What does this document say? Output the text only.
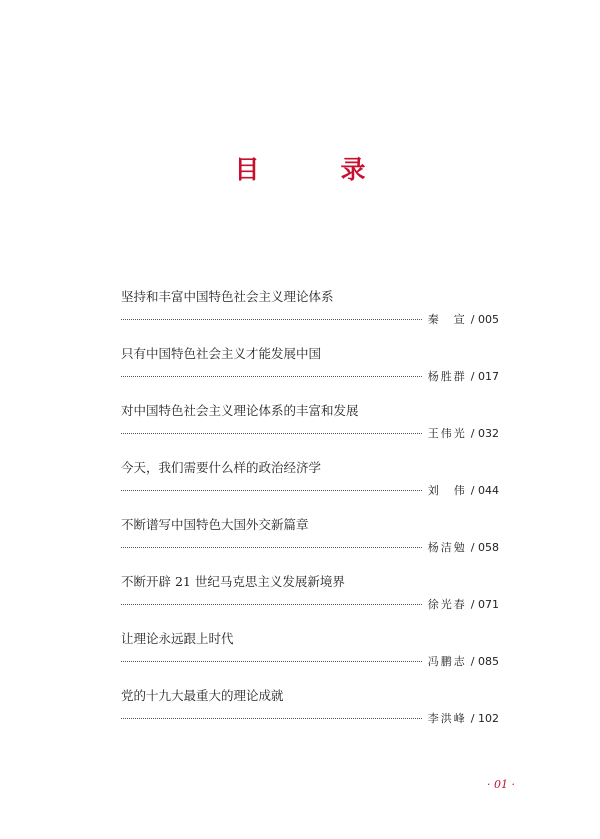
目　录
坚持和丰富中国特色社会主义理论体系
秦　宣 / 005
只有中国特色社会主义才能发展中国
杨胜群 / 017
对中国特色社会主义理论体系的丰富和发展
王伟光 / 032
今天，我们需要什么样的政治经济学
刘　伟 / 044
不断谱写中国特色大国外交新篇章
杨洁勉 / 058
不断开辟 21 世纪马克思主义发展新境界
徐光春 / 071
让理论永远跟上时代
冯鹏志 / 085
党的十九大最重大的理论成就
李洪峰 / 102
· 01 ·
